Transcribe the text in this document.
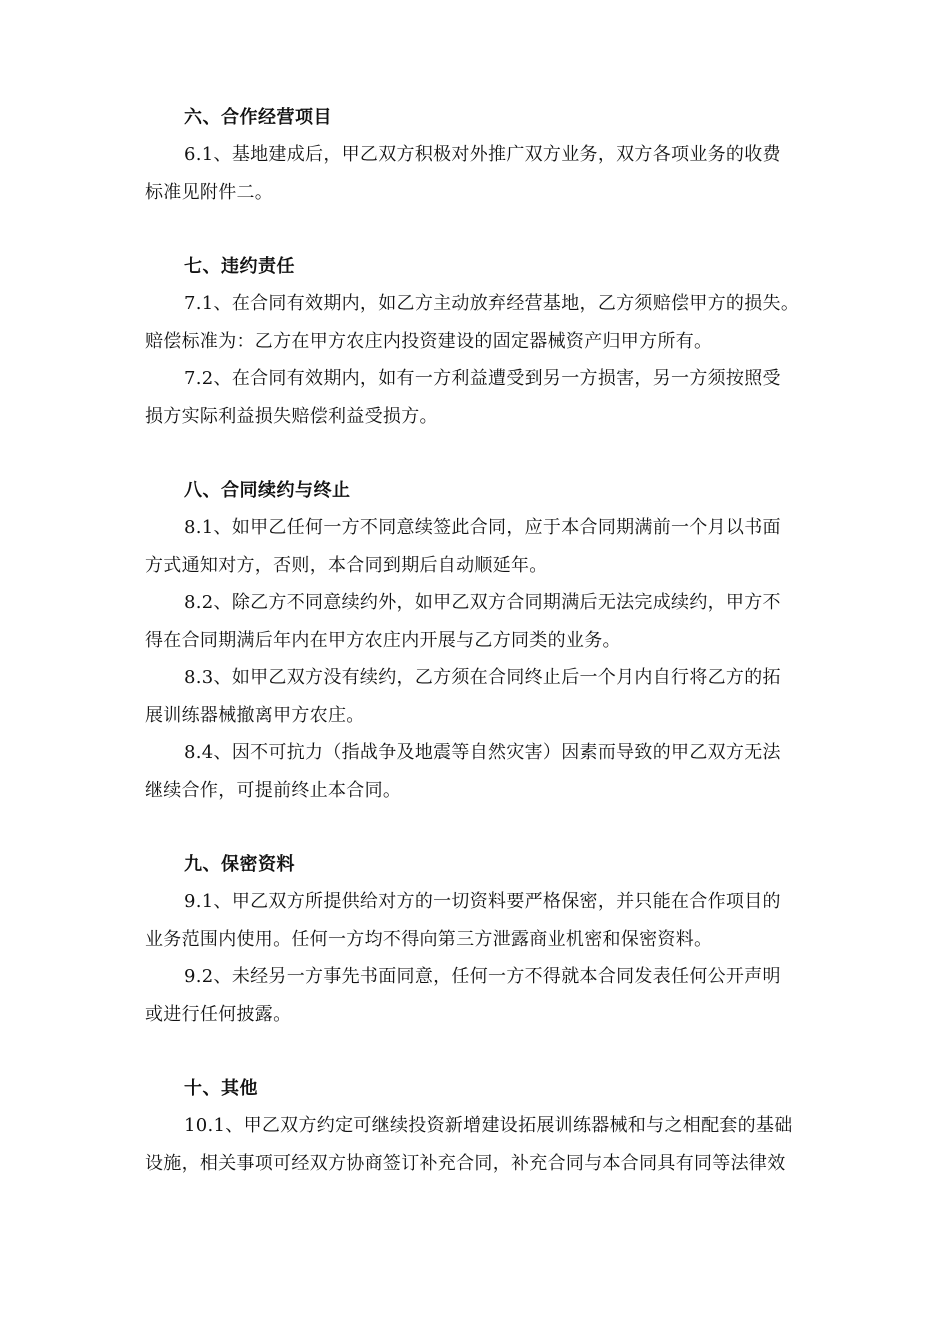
六、合作经营项目
6.1、基地建成后，甲乙双方积极对外推广双方业务，双方各项业务的收费
标准见附件二。
七、违约责任
7.1、在合同有效期内，如乙方主动放弃经营基地，乙方须赔偿甲方的损失。
赔偿标准为：乙方在甲方农庄内投资建设的固定器械资产归甲方所有。
7.2、在合同有效期内，如有一方利益遭受到另一方损害，另一方须按照受
损方实际利益损失赔偿利益受损方。
八、合同续约与终止
8.1、如甲乙任何一方不同意续签此合同，应于本合同期满前一个月以书面
方式通知对方，否则，本合同到期后自动顺延年。
8.2、除乙方不同意续约外，如甲乙双方合同期满后无法完成续约，甲方不
得在合同期满后年内在甲方农庄内开展与乙方同类的业务。
8.3、如甲乙双方没有续约，乙方须在合同终止后一个月内自行将乙方的拓
展训练器械撤离甲方农庄。
8.4、因不可抗力（指战争及地震等自然灾害）因素而导致的甲乙双方无法
继续合作，可提前终止本合同。
九、保密资料
9.1、甲乙双方所提供给对方的一切资料要严格保密，并只能在合作项目的
业务范围内使用。任何一方均不得向第三方泄露商业机密和保密资料。
9.2、未经另一方事先书面同意，任何一方不得就本合同发表任何公开声明
或进行任何披露。
十、其他
10.1、甲乙双方约定可继续投资新增建设拓展训练器械和与之相配套的基础
设施，相关事项可经双方协商签订补充合同，补充合同与本合同具有同等法律效
